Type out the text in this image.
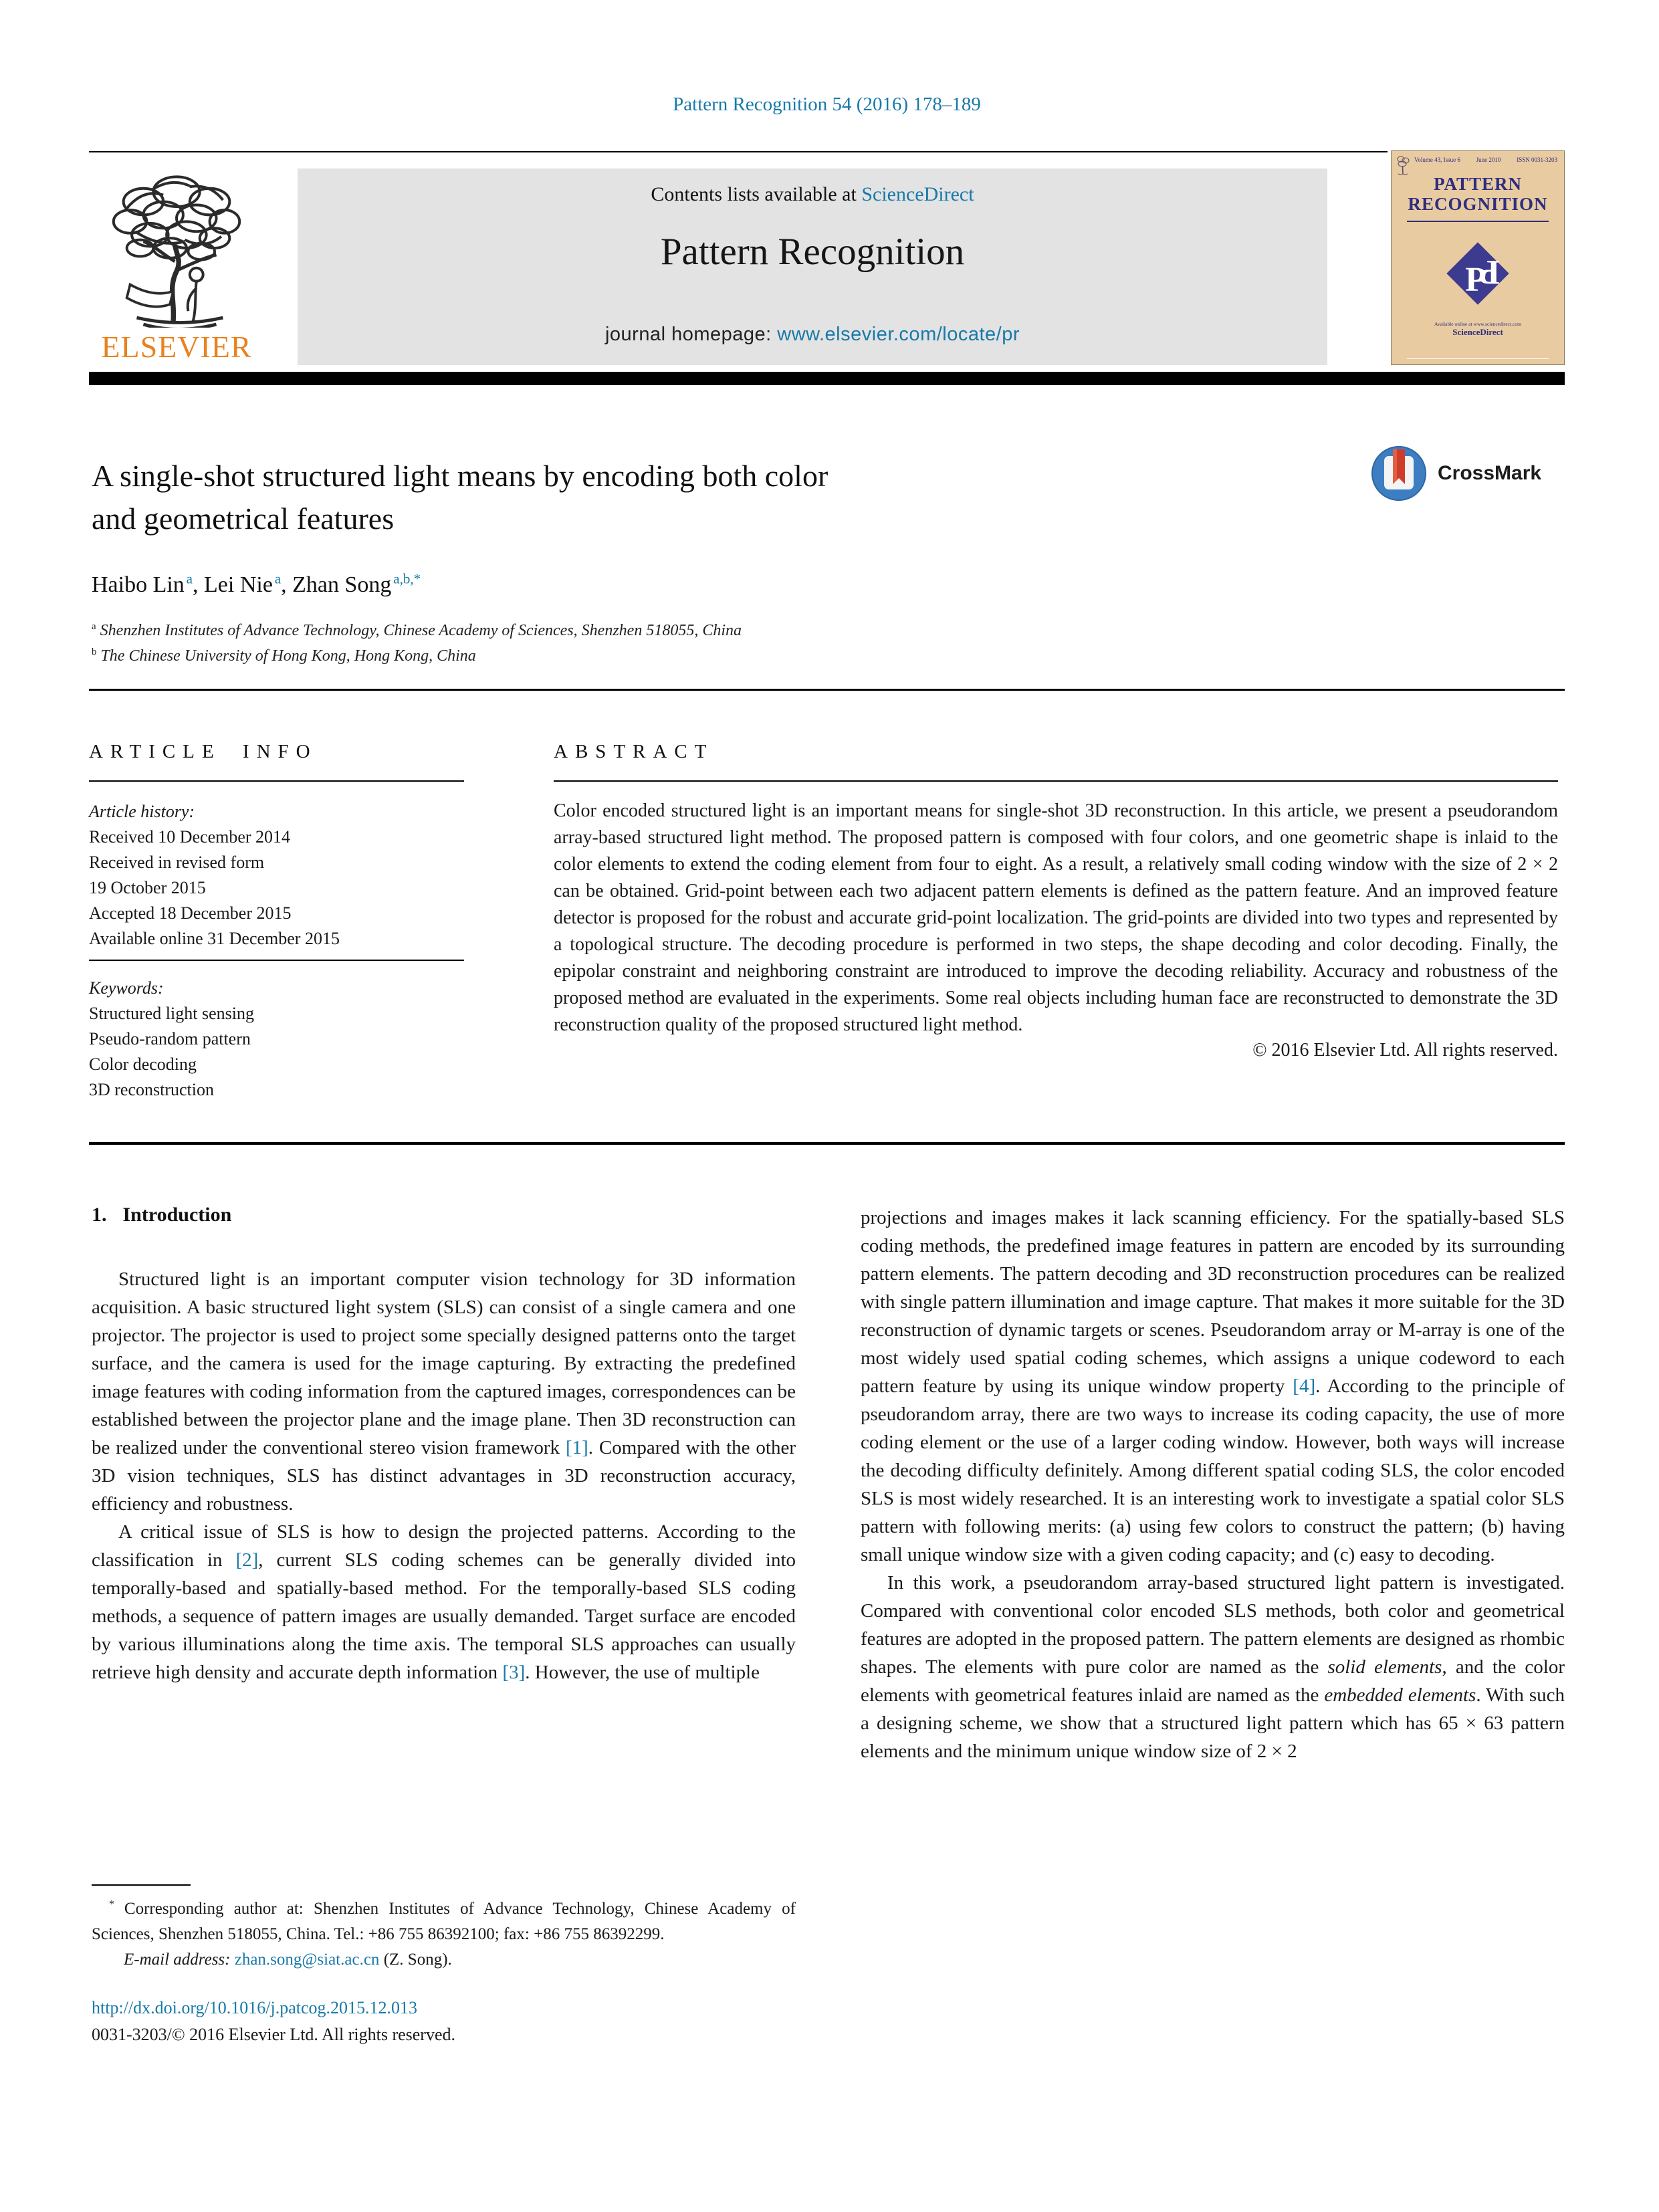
Pattern Recognition 54 (2016) 178–189
ELSEVIER
Contents lists available at ScienceDirect
Pattern Recognition
journal homepage: www.elsevier.com/locate/pr
Volume 43, Issue 6	June 2010	ISSN 0031-3203
PATTERN
RECOGNITION
P
P
Available online at www.sciencedirect.com
ScienceDirect
A single-shot structured light means by encoding both color
and geometrical features
CrossMark
Haibo Lin  $^a$, Lei Nie  $^a$, Zhan Song  $^{a,b,*}$
$^a$ Shenzhen Institutes of Advance Technology, Chinese Academy of Sciences, Shenzhen 518055, China
$^b$ The Chinese University of Hong Kong, Hong Kong, China
ARTICLE INFO
Article history:
Received 10 December 2014
Received in revised form
19 October 2015
Accepted 18 December 2015
Available online 31 December 2015
Keywords:
Structured light sensing
Pseudo-random pattern
Color decoding
3D reconstruction
ABSTRACT
Color encoded structured light is an important means for single-shot 3D reconstruction. In this article, we present a pseudorandom array-based structured light method. The proposed pattern is composed with four colors, and one geometric shape is inlaid to the color elements to extend the coding element from four to eight. As a result, a relatively small coding window with the size of 2 × 2 can be obtained. Grid-point between each two adjacent pattern elements is defined as the pattern feature. And an improved feature detector is proposed for the robust and accurate grid-point localization. The grid-points are divided into two types and represented by a topological structure. The decoding procedure is performed in two steps, the shape decoding and color decoding. Finally, the epipolar constraint and neighboring constraint are introduced to improve the decoding reliability. Accuracy and robustness of the proposed method are evaluated in the experiments. Some real objects including human face are reconstructed to demonstrate the 3D reconstruction quality of the proposed structured light method.
© 2016 Elsevier Ltd. All rights reserved.
1. Introduction

Structured light is an important computer vision technology for 3D information acquisition. A basic structured light system (SLS) can consist of a single camera and one projector. The projector is used to project some specially designed patterns onto the target surface, and the camera is used for the image capturing. By extracting the predefined image features with coding information from the captured images, correspondences can be established between the projector plane and the image plane. Then 3D reconstruction can be realized under the conventional stereo vision framework [1]. Compared with the other 3D vision techniques, SLS has distinct advantages in 3D reconstruction accuracy, efficiency and robustness.

A critical issue of SLS is how to design the projected patterns. According to the classification in [2], current SLS coding schemes can be generally divided into temporally-based and spatially-based method. For the temporally-based SLS coding methods, a sequence of pattern images are usually demanded. Target surface are encoded by various illuminations along the time axis. The temporal SLS approaches can usually retrieve high density and accurate depth information [3]. However, the use of multiple

projections and images makes it lack scanning efficiency. For the spatially-based SLS coding methods, the predefined image features in pattern are encoded by its surrounding pattern elements. The pattern decoding and 3D reconstruction procedures can be realized with single pattern illumination and image capture. That makes it more suitable for the 3D reconstruction of dynamic targets or scenes. Pseudorandom array or M-array is one of the most widely used spatial coding schemes, which assigns a unique codeword to each pattern feature by using its unique window property [4]. According to the principle of pseudorandom array, there are two ways to increase its coding capacity, the use of more coding element or the use of a larger coding window. However, both ways will increase the decoding difficulty definitely. Among different spatial coding SLS, the color encoded SLS is most widely researched. It is an interesting work to investigate a spatial color SLS pattern with following merits: (a) using few colors to construct the pattern; (b) having small unique window size with a given coding capacity; and (c) easy to decoding.

In this work, a pseudorandom array-based structured light pattern is investigated. Compared with conventional color encoded SLS methods, both color and geometrical features are adopted in the proposed pattern. The pattern elements are designed as rhombic shapes. The elements with pure color are named as the solid elements, and the color elements with geometrical features inlaid are named as the embedded elements. With such a designing scheme, we show that a structured light pattern which has 65 × 63 pattern elements and the minimum unique window size of 2 × 2

* Corresponding author at: Shenzhen Institutes of Advance Technology, Chinese Academy of Sciences, Shenzhen 518055, China. Tel.: +86 755 86392100; fax: +86 755 86392299.

E-mail address: zhan.song@siat.ac.cn (Z. Song).

http://dx.doi.org/10.1016/j.patcog.2015.12.013

0031-3203/© 2016 Elsevier Ltd. All rights reserved.
